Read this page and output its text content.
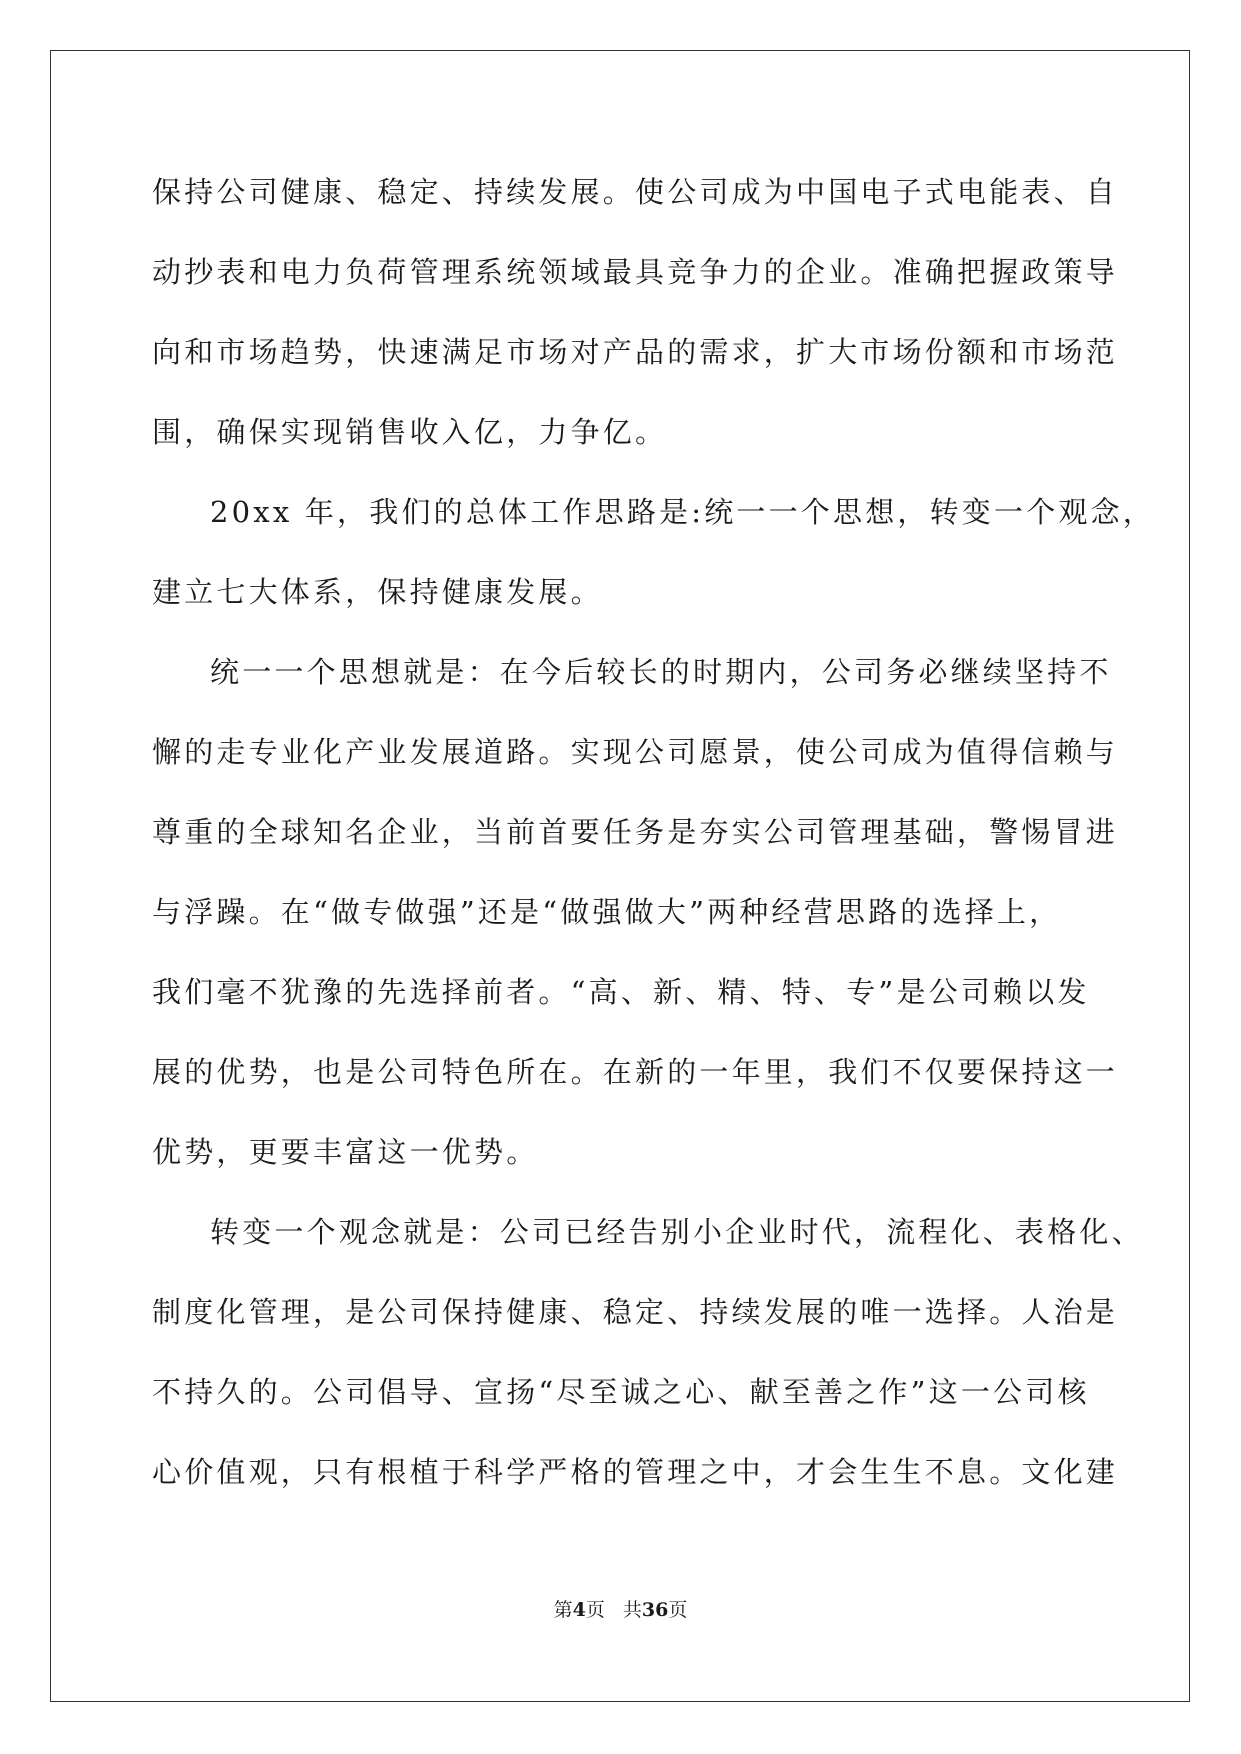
保持公司健康、稳定、持续发展。使公司成为中国电子式电能表、自
动抄表和电力负荷管理系统领域最具竞争力的企业。准确把握政策导
向和市场趋势，快速满足市场对产品的需求，扩大市场份额和市场范
围，确保实现销售收入亿，力争亿。
20xx 年，我们的总体工作思路是:统一一个思想，转变一个观念，
建立七大体系，保持健康发展。
统一一个思想就是：在今后较长的时期内，公司务必继续坚持不
懈的走专业化产业发展道路。实现公司愿景，使公司成为值得信赖与
尊重的全球知名企业，当前首要任务是夯实公司管理基础，警惕冒进
与浮躁。在“做专做强”还是“做强做大”两种经营思路的选择上，
我们毫不犹豫的先选择前者。“高、新、精、特、专”是公司赖以发
展的优势，也是公司特色所在。在新的一年里，我们不仅要保持这一
优势，更要丰富这一优势。
转变一个观念就是：公司已经告别小企业时代，流程化、表格化、
制度化管理，是公司保持健康、稳定、持续发展的唯一选择。人治是
不持久的。公司倡导、宣扬“尽至诚之心、献至善之作”这一公司核
心价值观，只有根植于科学严格的管理之中，才会生生不息。文化建
第4页 共36页
